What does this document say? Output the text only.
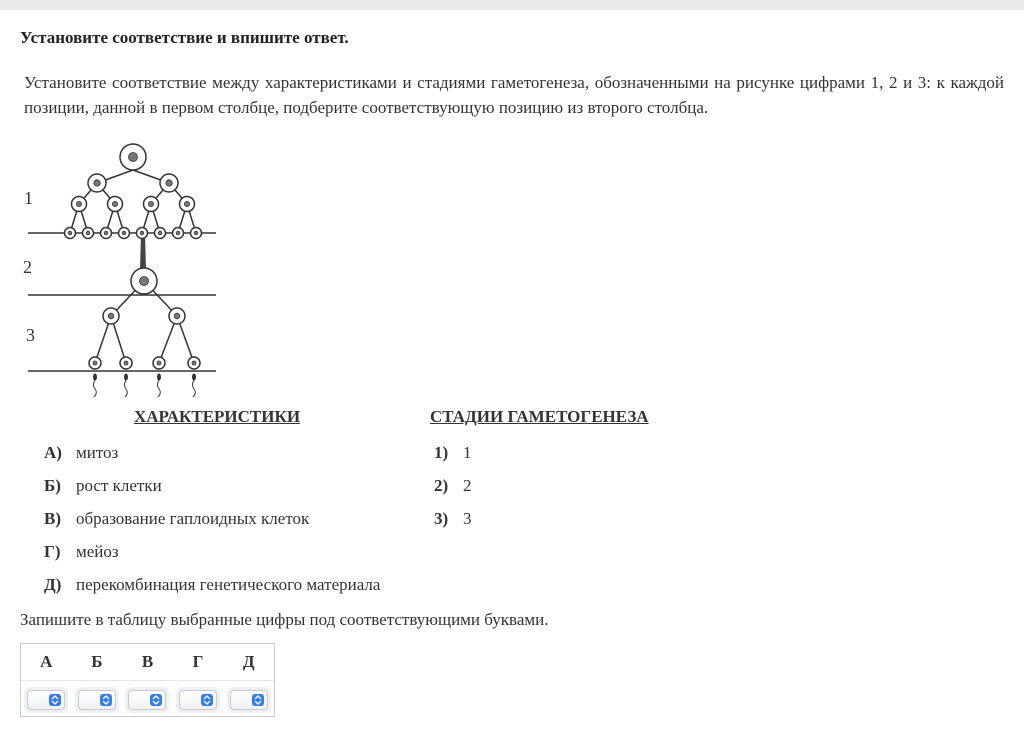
Установите соответствие и впишите ответ.
Установите соответствие между характеристиками и стадиями гаметогенеза, обозначенными на рисунке цифрами 1, 2 и 3: к каждой позиции, данной в первом столбце, подберите соответствующую позицию из второго столбца.
1
2
3
ХАРАКТЕРИСТИКИ	СТАДИИ ГАМЕТОГЕНЕЗА
А) митоз
Б) рост клетки
В) образование гаплоидных клеток
Г) мейоз
Д) перекомбинация генетического материала
1) 1
2) 2
3) 3
Запишите в таблицу выбранные цифры под соответствующими буквами.
А	Б	В	Г	Д
